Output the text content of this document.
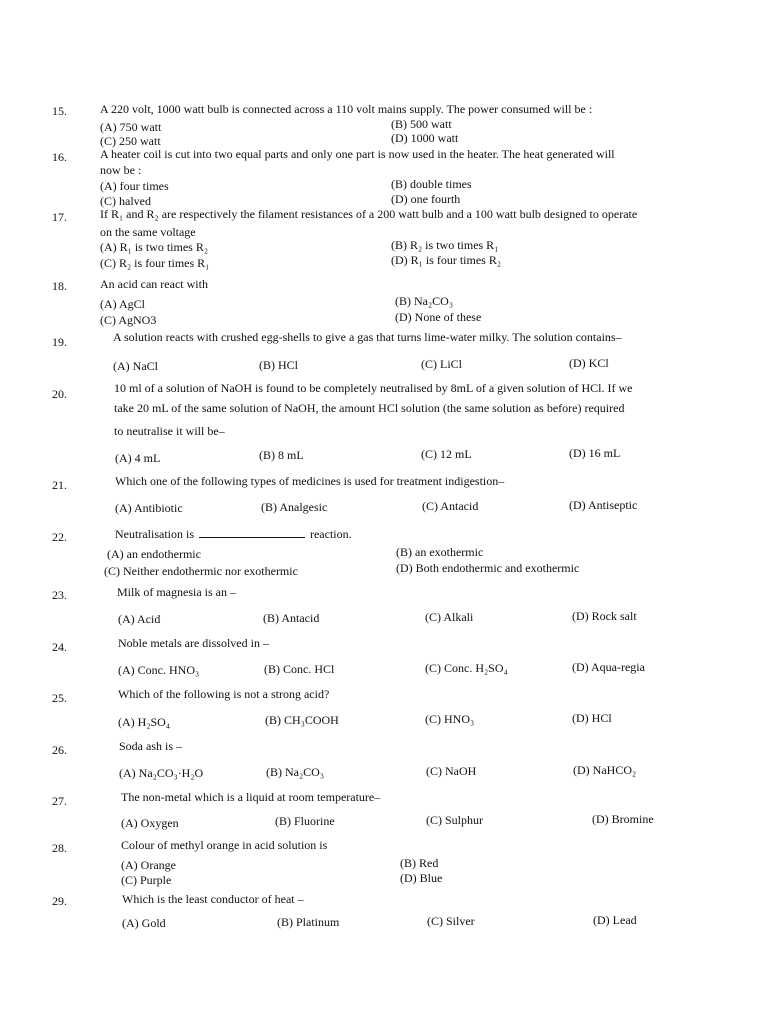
15.	A 220 volt, 1000 watt bulb is connected across a 110 volt mains supply. The power consumed will be :
(A) 750 watt	(B) 500 watt
(C) 250 watt	(D) 1000 watt
16.	A heater coil is cut into two equal parts and only one part is now used in the heater. The heat generated will
now be :
(A) four times	(B) double times
(C) halved	(D) one fourth
17.	If R₁ and R₂ are respectively the filament resistances of a 200 watt bulb and a 100 watt bulb designed to operate
on the same voltage
(A) R₁ is two times R₂	(B) R₂ is two times R₁
(C) R₂ is four times R₁	(D) R₁ is four times R₂
18.	An acid can react with
(A) AgCl	(B) Na₂CO₃
(C) AgNO3	(D) None of these
19.	A solution reacts with crushed egg-shells to give a gas that turns lime-water milky. The solution contains–
(A) NaCl	(B) HCl	(C) LiCl	(D) KCl
20.	10 ml of a solution of NaOH is found to be completely neutralised by 8mL of a given solution of HCl. If we
take 20 mL of the same solution of NaOH, the amount HCl solution (the same solution as before) required
to neutralise it will be–
(A) 4 mL	(B) 8 mL	(C) 12 mL	(D) 16 mL
21.	Which one of the following types of medicines is used for treatment indigestion–
(A) Antibiotic	(B) Analgesic	(C) Antacid	(D) Antiseptic
22.	Neutralisation is	reaction.
(A) an endothermic	(B) an exothermic
(C) Neither endothermic nor exothermic	(D) Both endothermic and exothermic
23.	Milk of magnesia is an –
(A) Acid	(B) Antacid	(C) Alkali	(D) Rock salt
24.	Noble metals are dissolved in –
(A) Conc. HNO₃	(B) Conc. HCl	(C) Conc. H₂SO₄	(D) Aqua-regia
25.	Which of the following is not a strong acid?
(A) H₂SO₄	(B) CH₃COOH	(C) HNO₃	(D) HCl
26.	Soda ash is –
(A) Na₂CO₃·H₂O	(B) Na₂CO₃	(C) NaOH	(D) NaHCO₂
27.	The non-metal which is a liquid at room temperature–
(A) Oxygen	(B) Fluorine	(C) Sulphur	(D) Bromine
28.	Colour of methyl orange in acid solution is
(A) Orange	(B) Red
(C) Purple	(D) Blue
29.	Which is the least conductor of heat –
(A) Gold	(B) Platinum	(C) Silver	(D) Lead
